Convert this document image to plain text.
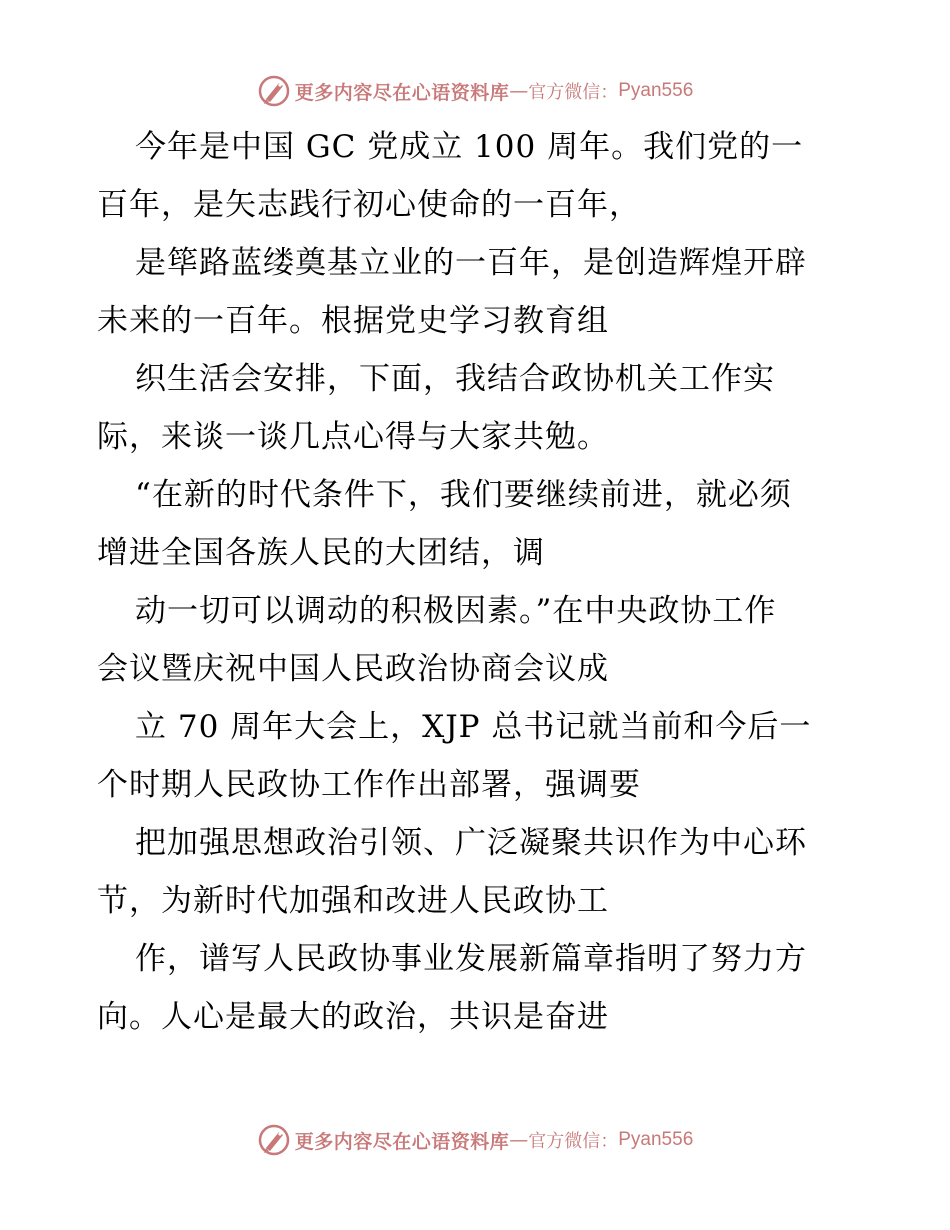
更多内容尽在心语资料库 — 官方微信： Pyan556
今年是中国 GC 党成立 100 周年。我们党的一
百年，是矢志践行初心使命的一百年，
是筚路蓝缕奠基立业的一百年，是创造辉煌开辟
未来的一百年。根据党史学习教育组
织生活会安排，下面，我结合政协机关工作实
际，来谈一谈几点心得与大家共勉。
“在新的时代条件下，我们要继续前进，就必须
增进全国各族人民的大团结，调
动一切可以调动的积极因素。”在中央政协工作
会议暨庆祝中国人民政治协商会议成
立 70 周年大会上，XJP 总书记就当前和今后一
个时期人民政协工作作出部署，强调要
把加强思想政治引领、广泛凝聚共识作为中心环
节，为新时代加强和改进人民政协工
作，谱写人民政协事业发展新篇章指明了努力方
向。人心是最大的政治，共识是奋进
更多内容尽在心语资料库 — 官方微信： Pyan556
